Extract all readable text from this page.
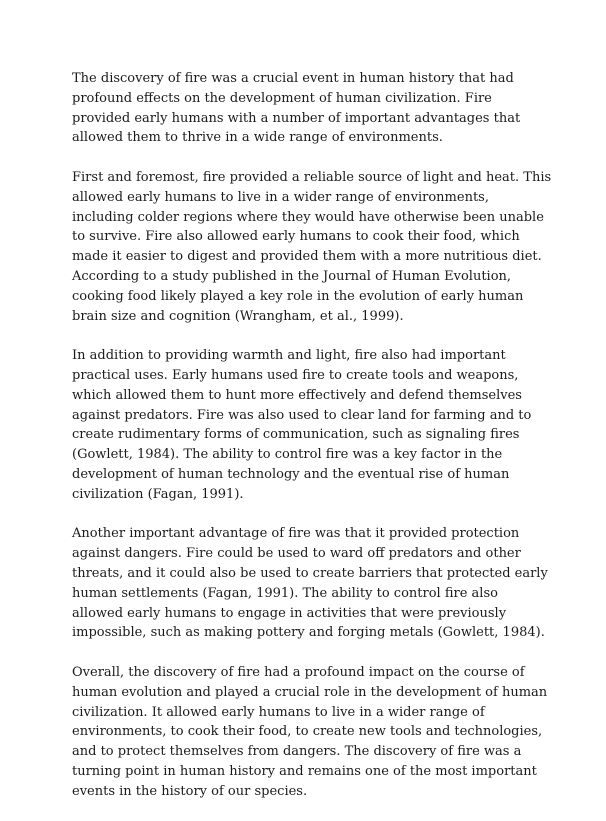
The discovery of fire was a crucial event in human history that had profound effects on the development of human civilization. Fire provided early humans with a number of important advantages that allowed them to thrive in a wide range of environments.

First and foremost, fire provided a reliable source of light and heat. This allowed early humans to live in a wider range of environments, including colder regions where they would have otherwise been unable to survive. Fire also allowed early humans to cook their food, which made it easier to digest and provided them with a more nutritious diet. According to a study published in the Journal of Human Evolution, cooking food likely played a key role in the evolution of early human brain size and cognition (Wrangham, et al., 1999).

In addition to providing warmth and light, fire also had important practical uses. Early humans used fire to create tools and weapons, which allowed them to hunt more effectively and defend themselves against predators. Fire was also used to clear land for farming and to create rudimentary forms of communication, such as signaling fires (Gowlett, 1984). The ability to control fire was a key factor in the development of human technology and the eventual rise of human civilization (Fagan, 1991).

Another important advantage of fire was that it provided protection against dangers. Fire could be used to ward off predators and other threats, and it could also be used to create barriers that protected early human settlements (Fagan, 1991). The ability to control fire also allowed early humans to engage in activities that were previously impossible, such as making pottery and forging metals (Gowlett, 1984).

Overall, the discovery of fire had a profound impact on the course of human evolution and played a crucial role in the development of human civilization. It allowed early humans to live in a wider range of environments, to cook their food, to create new tools and technologies, and to protect themselves from dangers. The discovery of fire was a turning point in human history and remains one of the most important events in the history of our species.
